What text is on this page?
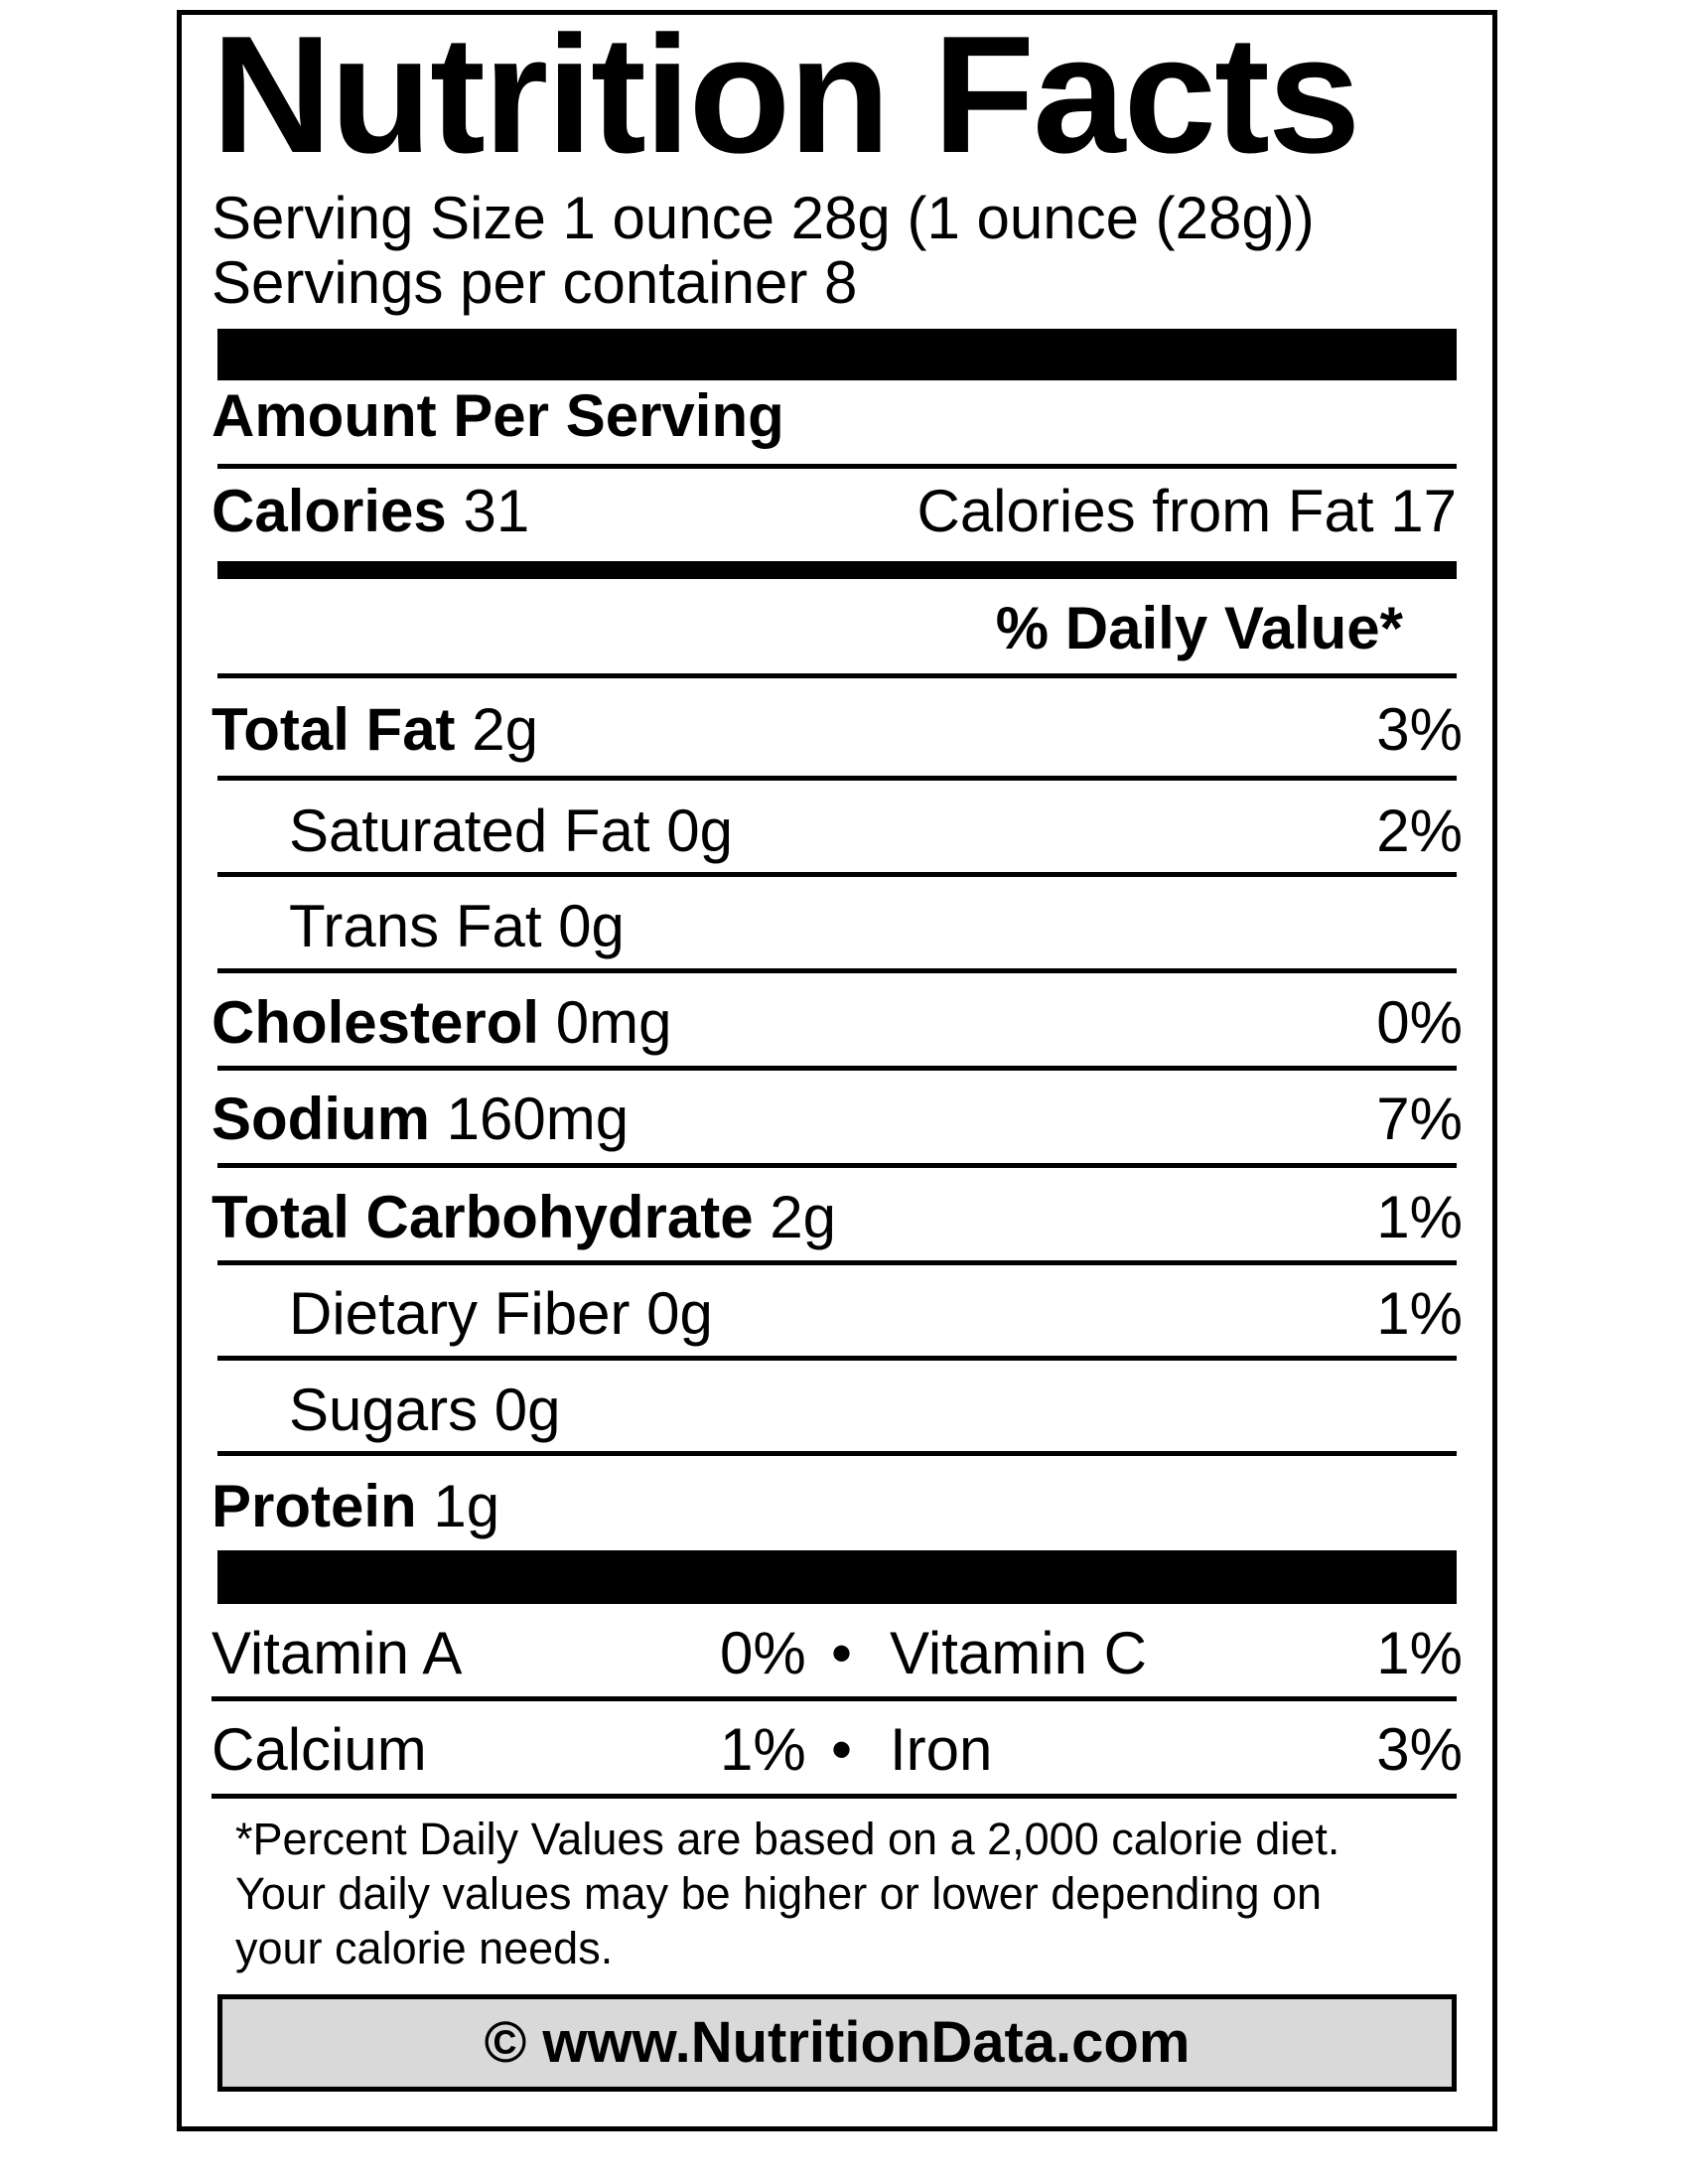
Nutrition Facts
Serving Size 1 ounce 28g (1 ounce (28g))
Servings per container 8
Amount Per Serving
Calories 31	Calories from Fat 17
% Daily Value*
Total Fat 2g	3%
Saturated Fat 0g	2%
Trans Fat 0g
Cholesterol 0mg	0%
Sodium 160mg	7%
Total Carbohydrate 2g	1%
Dietary Fiber 0g	1%
Sugars 0g
Protein 1g
Vitamin A	0% • Vitamin C	1%
Calcium	1% • Iron	3%
*Percent Daily Values are based on a 2,000 calorie diet.
Your daily values may be higher or lower depending on
your calorie needs.
© www.NutritionData.com
